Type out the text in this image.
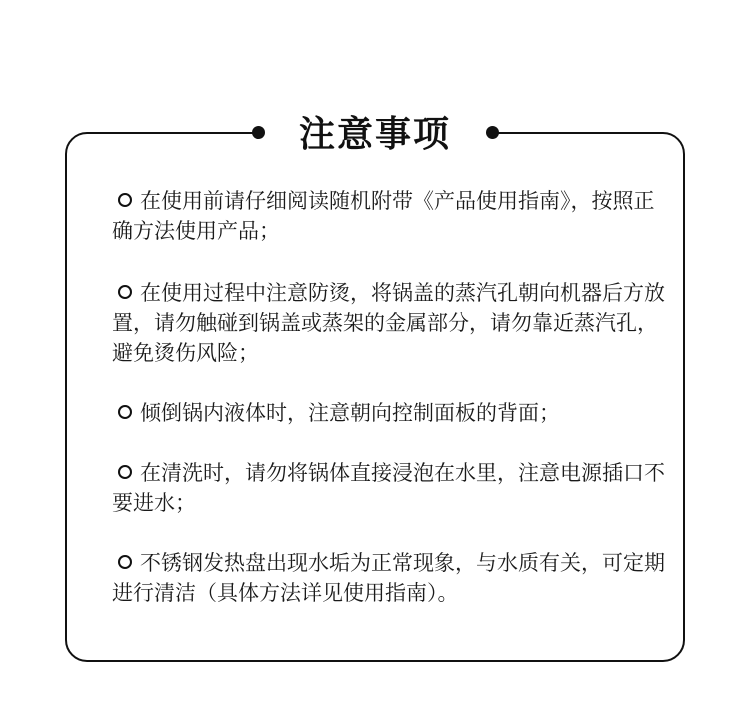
注意事项
在使用前请仔细阅读随机附带《产品使用指南》，按照正确方法使用产品；
在使用过程中注意防烫，将锅盖的蒸汽孔朝向机器后方放置，请勿触碰到锅盖或蒸架的金属部分，请勿靠近蒸汽孔，避免烫伤风险；
倾倒锅内液体时，注意朝向控制面板的背面；
在清洗时，请勿将锅体直接浸泡在水里，注意电源插口不要进水；
不锈钢发热盘出现水垢为正常现象，与水质有关，可定期进行清洁（具体方法详见使用指南）。
